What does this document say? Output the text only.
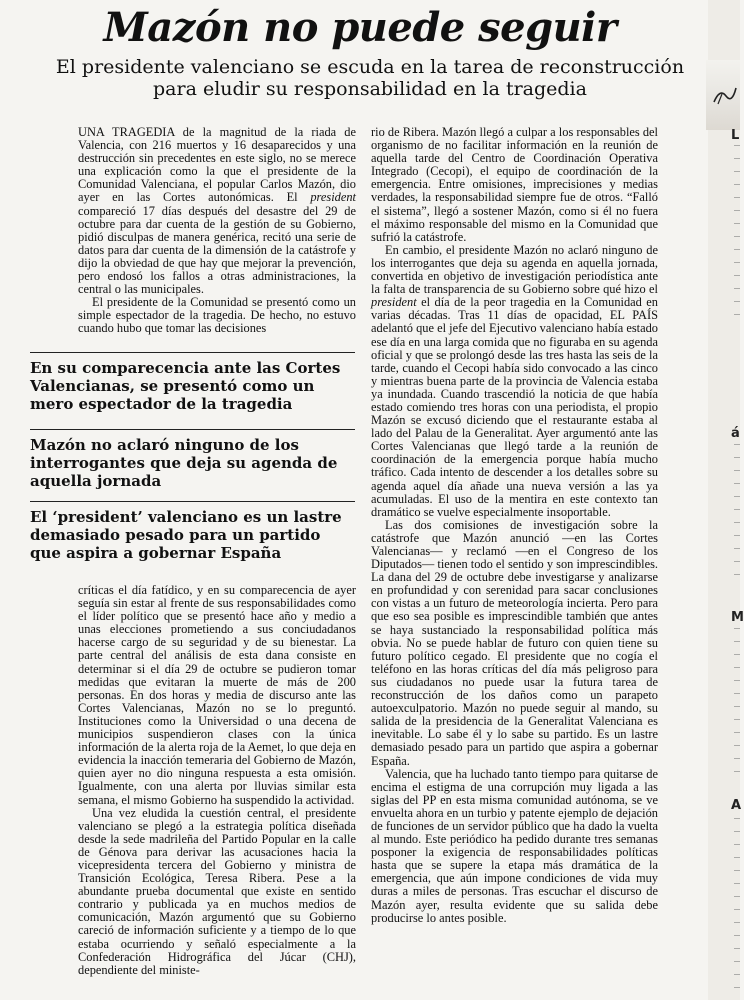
Mazón no puede seguir
El presidente valenciano se escuda en la tarea de reconstrucción
para eludir su responsabilidad en la tragedia

UNA TRAGEDIA de la magnitud de la riada de Valencia, con 216 muertos y 16 desaparecidos y una destrucción sin precedentes en este siglo, no se merece una explicación como la que el presidente de la Comunidad Valenciana, el popular Carlos Mazón, dio ayer en las Cortes autonómicas. El president compareció 17 días después del desastre del 29 de octubre para dar cuenta de la gestión de su Gobierno, pidió disculpas de manera genérica, recitó una serie de datos para dar cuenta de la dimensión de la catástrofe y dijo la obviedad de que hay que mejorar la prevención, pero endosó los fallos a otras administraciones, la central o las municipales.

El presidente de la Comunidad se presentó como un simple espectador de la tragedia. De hecho, no estuvo cuando hubo que tomar las decisiones

En su comparecencia ante las Cortes Valencianas, se presentó como un mero espectador de la tragedia
Mazón no aclaró ninguno de los interrogantes que deja su agenda de aquella jornada
El ‘president’ valenciano es un lastre demasiado pesado para un partido que aspira a gobernar España

críticas el día fatídico, y en su comparecencia de ayer seguía sin estar al frente de sus responsabilidades como el líder político que se presentó hace año y medio a unas elecciones prometiendo a sus conciudadanos hacerse cargo de su seguridad y de su bienestar. La parte central del análisis de esta dana consiste en determinar si el día 29 de octubre se pudieron tomar medidas que evitaran la muerte de más de 200 personas. En dos horas y media de discurso ante las Cortes Valencianas, Mazón no se lo preguntó. Instituciones como la Universidad o una decena de municipios suspendieron clases con la única información de la alerta roja de la Aemet, lo que deja en evidencia la inacción temeraria del Gobierno de Mazón, quien ayer no dio ninguna respuesta a esta omisión. Igualmente, con una alerta por lluvias similar esta semana, el mismo Gobierno ha suspendido la actividad.

Una vez eludida la cuestión central, el presidente valenciano se plegó a la estrategia política diseñada desde la sede madrileña del Partido Popular en la calle de Génova para derivar las acusaciones hacia la vicepresidenta tercera del Gobierno y ministra de Transición Ecológica, Teresa Ribera. Pese a la abundante prueba documental que existe en sentido contrario y publicada ya en muchos medios de comunicación, Mazón argumentó que su Gobierno careció de información suficiente y a tiempo de lo que estaba ocurriendo y señaló especialmente a la Confederación Hidrográfica del Júcar (CHJ), dependiente del ministe-

rio de Ribera. Mazón llegó a culpar a los responsables del organismo de no facilitar información en la reunión de aquella tarde del Centro de Coordinación Operativa Integrado (Cecopi), el equipo de coordinación de la emergencia. Entre omisiones, imprecisiones y medias verdades, la responsabilidad siempre fue de otros. “Falló el sistema”, llegó a sostener Mazón, como si él no fuera el máximo responsable del mismo en la Comunidad que sufrió la catástrofe.

En cambio, el presidente Mazón no aclaró ninguno de los interrogantes que deja su agenda en aquella jornada, convertida en objetivo de investigación periodística ante la falta de transparencia de su Gobierno sobre qué hizo el president el día de la peor tragedia en la Comunidad en varias décadas. Tras 11 días de opacidad, EL PAÍS adelantó que el jefe del Ejecutivo valenciano había estado ese día en una larga comida que no figuraba en su agenda oficial y que se prolongó desde las tres hasta las seis de la tarde, cuando el Cecopi había sido convocado a las cinco y mientras buena parte de la provincia de Valencia estaba ya inundada. Cuando trascendió la noticia de que había estado comiendo tres horas con una periodista, el propio Mazón se excusó diciendo que el restaurante estaba al lado del Palau de la Generalitat. Ayer argumentó ante las Cortes Valencianas que llegó tarde a la reunión de coordinación de la emergencia porque había mucho tráfico. Cada intento de descender a los detalles sobre su agenda aquel día añade una nueva versión a las ya acumuladas. El uso de la mentira en este contexto tan dramático se vuelve especialmente insoportable.

Las dos comisiones de investigación sobre la catástrofe que Mazón anunció —en las Cortes Valencianas— y reclamó —en el Congreso de los Diputados— tienen todo el sentido y son imprescindibles. La dana del 29 de octubre debe investigarse y analizarse en profundidad y con serenidad para sacar conclusiones con vistas a un futuro de meteorología incierta. Pero para que eso sea posible es imprescindible también que antes se haya sustanciado la responsabilidad política más obvia. No se puede hablar de futuro con quien tiene su futuro político cegado. El presidente que no cogía el teléfono en las horas críticas del día más peligroso para sus ciudadanos no puede usar la futura tarea de reconstrucción de los daños como un parapeto autoexculpatorio. Mazón no puede seguir al mando, su salida de la presidencia de la Generalitat Valenciana es inevitable. Lo sabe él y lo sabe su partido. Es un lastre demasiado pesado para un partido que aspira a gobernar España.

Valencia, que ha luchado tanto tiempo para quitarse de encima el estigma de una corrupción muy ligada a las siglas del PP en esta misma comunidad autónoma, se ve envuelta ahora en un turbio y patente ejemplo de dejación de funciones de un servidor público que ha dado la vuelta al mundo. Este periódico ha pedido durante tres semanas posponer la exigencia de responsabilidades políticas hasta que se supere la etapa más dramática de la emergencia, que aún impone condiciones de vida muy duras a miles de personas. Tras escuchar el discurso de Mazón ayer, resulta evidente que su salida debe producirse lo antes posible.

L
á
M
A
